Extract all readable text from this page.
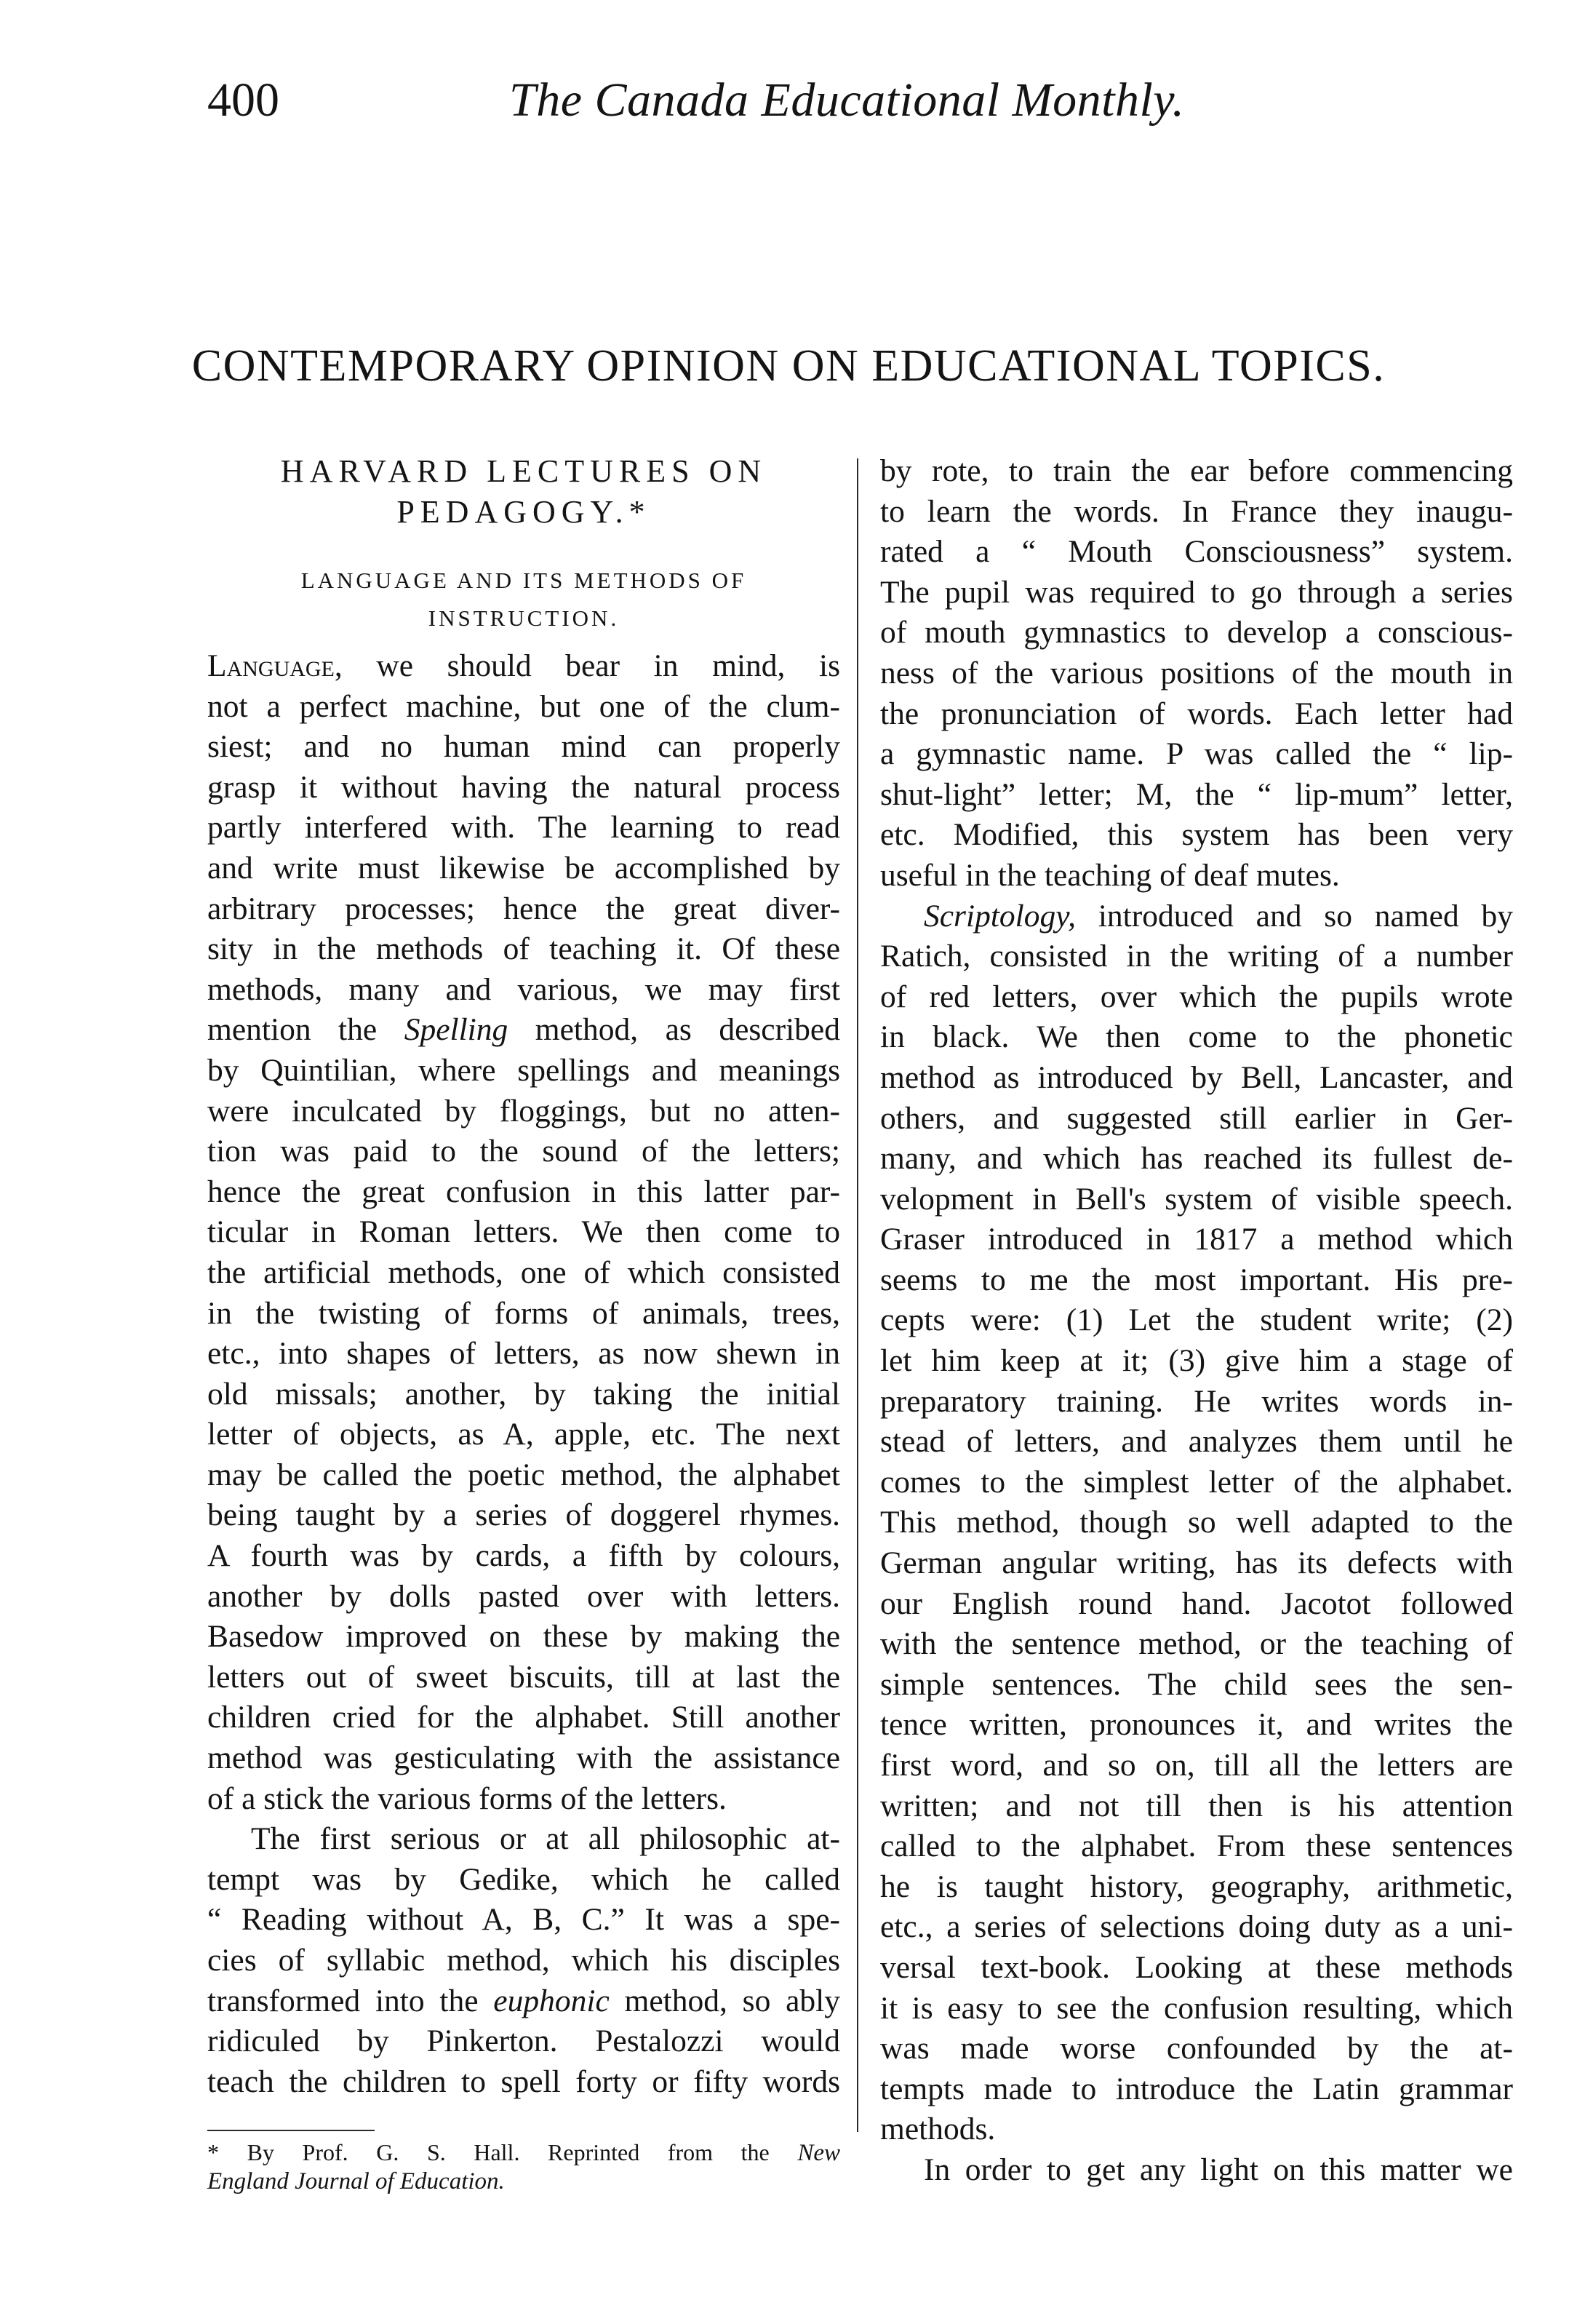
400	The Canada Educational Monthly.
CONTEMPORARY OPINION ON EDUCATIONAL TOPICS.
HARVARD LECTURES ON
PEDAGOGY.*
LANGUAGE AND ITS METHODS OF
INSTRUCTION.
Language, we should bear in mind, is
not a perfect machine, but one of the clum-
siest; and no human mind can properly
grasp it without having the natural process
partly interfered with. The learning to read
and write must likewise be accomplished by
arbitrary processes; hence the great diver-
sity in the methods of teaching it. Of these
methods, many and various, we may first
mention the Spelling method, as described
by Quintilian, where spellings and meanings
were inculcated by floggings, but no atten-
tion was paid to the sound of the letters;
hence the great confusion in this latter par-
ticular in Roman letters. We then come to
the artificial methods, one of which consisted
in the twisting of forms of animals, trees,
etc., into shapes of letters, as now shewn in
old missals; another, by taking the initial
letter of objects, as A, apple, etc. The next
may be called the poetic method, the alphabet
being taught by a series of doggerel rhymes.
A fourth was by cards, a fifth by colours,
another by dolls pasted over with letters.
Basedow improved on these by making the
letters out of sweet biscuits, till at last the
children cried for the alphabet. Still another
method was gesticulating with the assistance
of a stick the various forms of the letters.
The first serious or at all philosophic at-
tempt was by Gedike, which he called
“ Reading without A, B, C.” It was a spe-
cies of syllabic method, which his disciples
transformed into the euphonic method, so ably
ridiculed by Pinkerton. Pestalozzi would
teach the children to spell forty or fifty words
* By Prof. G. S. Hall. Reprinted from the New
England Journal of Education.
by rote, to train the ear before commencing
to learn the words. In France they inaugu-
rated a “ Mouth Consciousness” system.
The pupil was required to go through a series
of mouth gymnastics to develop a conscious-
ness of the various positions of the mouth in
the pronunciation of words. Each letter had
a gymnastic name. P was called the “ lip-
shut-light” letter; M, the “ lip-mum” letter,
etc. Modified, this system has been very
useful in the teaching of deaf mutes.
Scriptology, introduced and so named by
Ratich, consisted in the writing of a number
of red letters, over which the pupils wrote
in black. We then come to the phonetic
method as introduced by Bell, Lancaster, and
others, and suggested still earlier in Ger-
many, and which has reached its fullest de-
velopment in Bell's system of visible speech.
Graser introduced in 1817 a method which
seems to me the most important. His pre-
cepts were: (1) Let the student write; (2)
let him keep at it; (3) give him a stage of
preparatory training. He writes words in-
stead of letters, and analyzes them until he
comes to the simplest letter of the alphabet.
This method, though so well adapted to the
German angular writing, has its defects with
our English round hand. Jacotot followed
with the sentence method, or the teaching of
simple sentences. The child sees the sen-
tence written, pronounces it, and writes the
first word, and so on, till all the letters are
written; and not till then is his attention
called to the alphabet. From these sentences
he is taught history, geography, arithmetic,
etc., a series of selections doing duty as a uni-
versal text-book. Looking at these methods
it is easy to see the confusion resulting, which
was made worse confounded by the at-
tempts made to introduce the Latin grammar
methods.
In order to get any light on this matter we
